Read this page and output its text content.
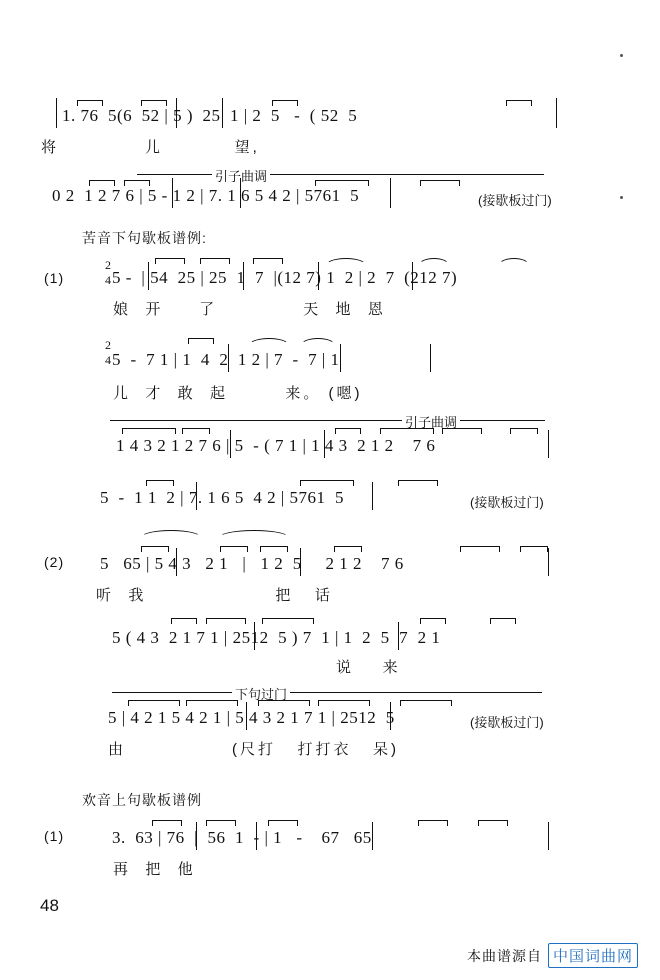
1. 76  5(6  52 | 5 )  25  1 | 2  5   -  ( 52  5
将            儿          望,
引子曲调
0 2  1 2 7 6 | 5 - 1 2 | 7. 1 6 5 4 2 | 5761  5	(接歇板过门)
苦音下句歇板谱例:
(1)
2
4 5 -  | 54  25 | 25  1  7  |(12 7) 1  2 | 2  7  (212 7)
娘  开     了            天  地  恩
2
4 5  -  7 1 | 1  4  2  1 2 | 7  -  7 | 1
儿  才  敢  起        来。 (嗯)
引子曲调
1 4 3 2 1 2 7 6 | 5  - ( 7 1 | 1 4 3  2 1 2    7 6
5  -  1 1  2 | 7. 1 6 5  4 2 | 5761  5	(接歇板过门)
(2) 5   65 | 5 4 3   2 1   |   1 2  5     2 1 2    7 6
听  我                  把   话
5 ( 4 3  2 1 7 1 | 2512  5 ) 7  1 | 1  2  5  7  2 1
说    来
下句过门
5 | 4 2 1 5 4 2 1 | 5 4 3 2 1 7 1 | 2512  5	(接歇板过门)
由	(尺打   打打衣   呆)
欢音上句歇板谱例
(1)	3.  63 | 76  |  56  1  - | 1   -    67   65
再  把  他
48
本曲谱源自 中国词曲网
